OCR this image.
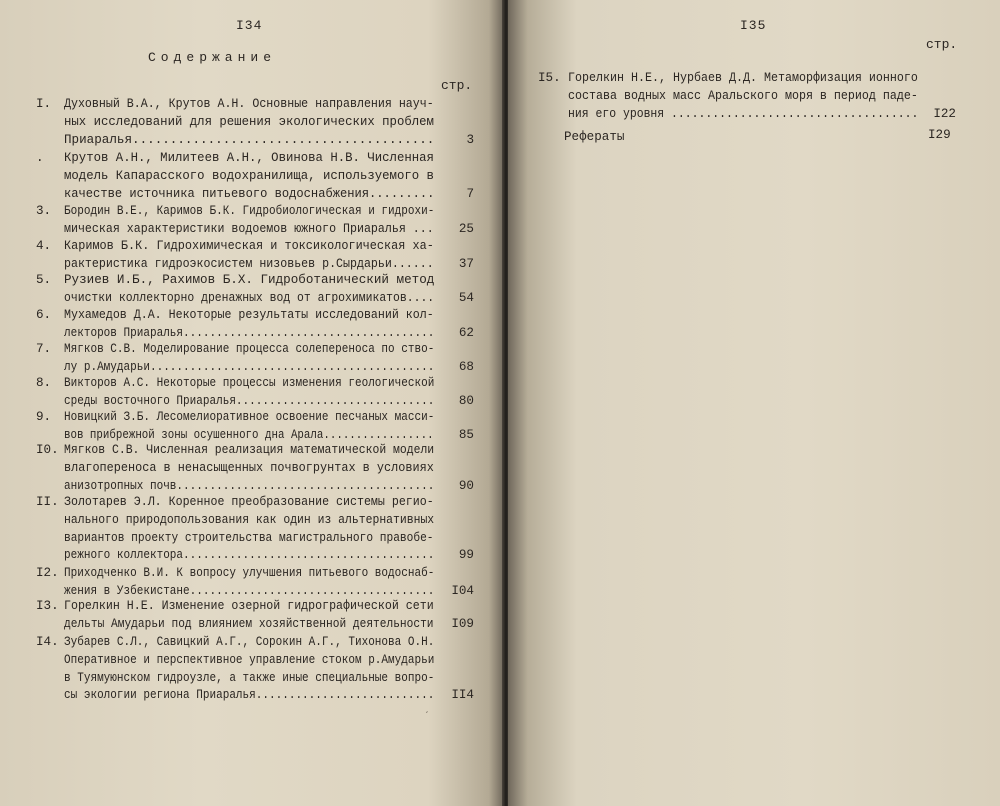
I34
Содержание
стр.
I.	Духовный В.А., Крутов А.Н. Основные направления науч-
ных исследований для решения экологических проблем
Приаралья........................................	3
.	Крутов А.Н., Милитеев А.Н., Овинова Н.В. Численная
модель Капарасского водохранилища, используемого в
качестве источника питьевого водоснабжения.........	7
3.	Бородин В.Е., Каримов Б.К. Гидробиологическая и гидрохи-
мическая характеристики водоемов южного Приаралья ... 25
4.	Каримов Б.К. Гидрохимическая и токсикологическая ха-
рактеристика гидроэкосистем низовьев р.Сырдарьи...... 37
5.	Рузиев И.Б., Рахимов Б.Х. Гидроботанический метод
очистки коллекторно дренажных вод от агрохимикатов.... 54
6.	Мухамедов Д.А. Некоторые результаты исследований кол-
лекторов Приаралья...................................... 62
7.	Мягков С.В. Моделирование процесса солепереноса по ство-
лу р.Амударьи........................................... 68
8.	Викторов А.С. Некоторые процессы изменения геологической
среды восточного Приаралья.............................. 80
9.	Новицкий З.Б. Лесомелиоративное освоение песчаных масси-
вов прибрежной зоны осушенного дна Арала................. 85
I0. Мягков С.В. Численная реализация математической модели
влагопереноса в ненасыщенных почвогрунтах в условиях
анизотропных почв....................................... 90
II. Золотарев Э.Л. Коренное преобразование системы регио-
нального природопользования как один из альтернативных
вариантов проекту строительства магистрального правобе-
режного коллектора...................................... 99
I2. Приходченко В.И. К вопросу улучшения питьевого водоснаб-
жения в Узбекистане..................................... I04
I3. Горелкин Н.Е. Изменение озерной гидрографической сети
дельты Амударьи под влиянием хозяйственной деятельности I09
I4. Зубарев С.Л., Савицкий А.Г., Сорокин А.Г., Тихонова О.Н.
Оперативное и перспективное управление стоком р.Амударьи
в Туямуюнском гидроузле, а также иные специальные вопро-
сы экологии региона Приаралья........................... II4
ˊ
I35
стр.
I5. Горелкин Н.Е., Нурбаев Д.Д. Метаморфизация ионного
состава водных масс Аральского моря в период паде-
ния его уровня .................................... I22
Рефераты	I29
